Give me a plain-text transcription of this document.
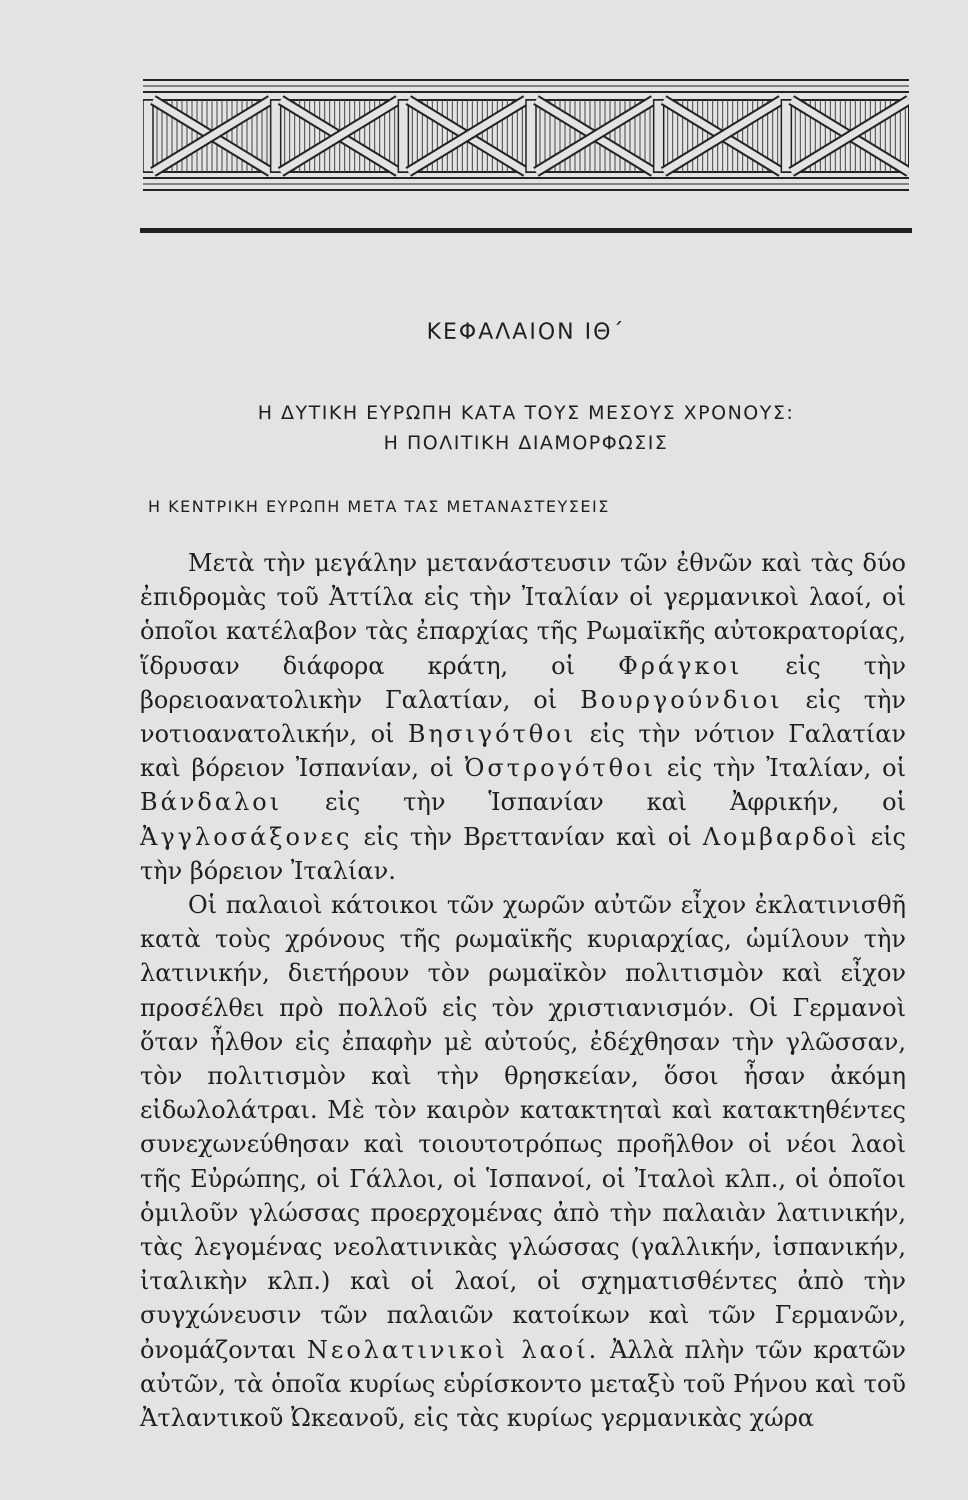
ΚΕΦΑΛΑΙΟΝ ΙΘ΄
Η ΔΥΤΙΚΗ ΕΥΡΩΠΗ ΚΑΤΑ ΤΟΥΣ ΜΕΣΟΥΣ ΧΡΟΝΟΥΣ:
Η ΠΟΛΙΤΙΚΗ ΔΙΑΜΟΡΦΩΣΙΣ
Η ΚΕΝΤΡΙΚΗ ΕΥΡΩΠΗ ΜΕΤΑ ΤΑΣ ΜΕΤΑΝΑΣΤΕΥΣΕΙΣ

Μετὰ τὴν μεγάλην μετανάστευσιν τῶν ἐθνῶν καὶ τὰς δύο ἐπιδρομὰς τοῦ Ἀττίλα εἰς τὴν Ἰταλίαν οἱ γερμανικοὶ λαοί, οἱ ὁποῖοι κατέλαβον τὰς ἐπαρχίας τῆς Ρωμαϊκῆς αὐτοκρατορίας, ἵδρυσαν διάφορα κράτη, οἱ Φράγκοι εἰς τὴν βορειοανατολικὴν Γαλατίαν, οἱ Βουργούνδιοι εἰς τὴν νοτιοανατολικήν, οἱ Βησιγότθοι εἰς τὴν νότιον Γαλατίαν καὶ βόρειον Ἰσπανίαν, οἱ Ὀστρογότθοι εἰς τὴν Ἰταλίαν, οἱ Βάνδαλοι εἰς τὴν Ἱσπανίαν καὶ Ἀφρικήν, οἱ Ἀγγλοσάξονες εἰς τὴν Βρεττανίαν καὶ οἱ Λομβαρδοὶ εἰς τὴν βόρειον Ἰταλίαν.

Οἱ παλαιοὶ κάτοικοι τῶν χωρῶν αὐτῶν εἶχον ἐκλατινισθῆ κατὰ τοὺς χρόνους τῆς ρωμαϊκῆς κυριαρχίας, ὡμίλουν τὴν λατινικήν, διετήρουν τὸν ρωμαϊκὸν πολιτισμὸν καὶ εἶχον προσέλθει πρὸ πολλοῦ εἰς τὸν χριστιανισμόν. Οἱ Γερμανοὶ ὅταν ἦλθον εἰς ἐπαφὴν μὲ αὐτούς, ἐδέχθησαν τὴν γλῶσσαν, τὸν πολιτισμὸν καὶ τὴν θρησκείαν, ὅσοι ἦσαν ἀκόμη εἰδωλολάτραι. Μὲ τὸν καιρὸν κατακτηταὶ καὶ κατακτηθέντες συνεχωνεύθησαν καὶ τοιουτοτρόπως προῆλθον οἱ νέοι λαοὶ τῆς Εὐρώπης, οἱ Γάλλοι, οἱ Ἱσπανοί, οἱ Ἰταλοὶ κλπ., οἱ ὁποῖοι ὁμιλοῦν γλώσσας προερχομένας ἀπὸ τὴν παλαιὰν λατινικήν, τὰς λεγομένας νεολατινικὰς γλώσσας (γαλλικήν, ἱσπανικήν, ἰταλικὴν κλπ.) καὶ οἱ λαοί, οἱ σχηματισθέντες ἀπὸ τὴν συγχώνευσιν τῶν παλαιῶν κατοίκων καὶ τῶν Γερμανῶν, ὀνομάζονται Νεολατινικοὶ λαοί. Ἀλλὰ πλὴν τῶν κρατῶν αὐτῶν, τὰ ὁποῖα κυρίως εὑρίσκοντο μεταξὺ τοῦ Ρήνου καὶ τοῦ Ἀτλαντικοῦ Ὠκεανοῦ, εἰς τὰς κυρίως γερμανικὰς χώρα
